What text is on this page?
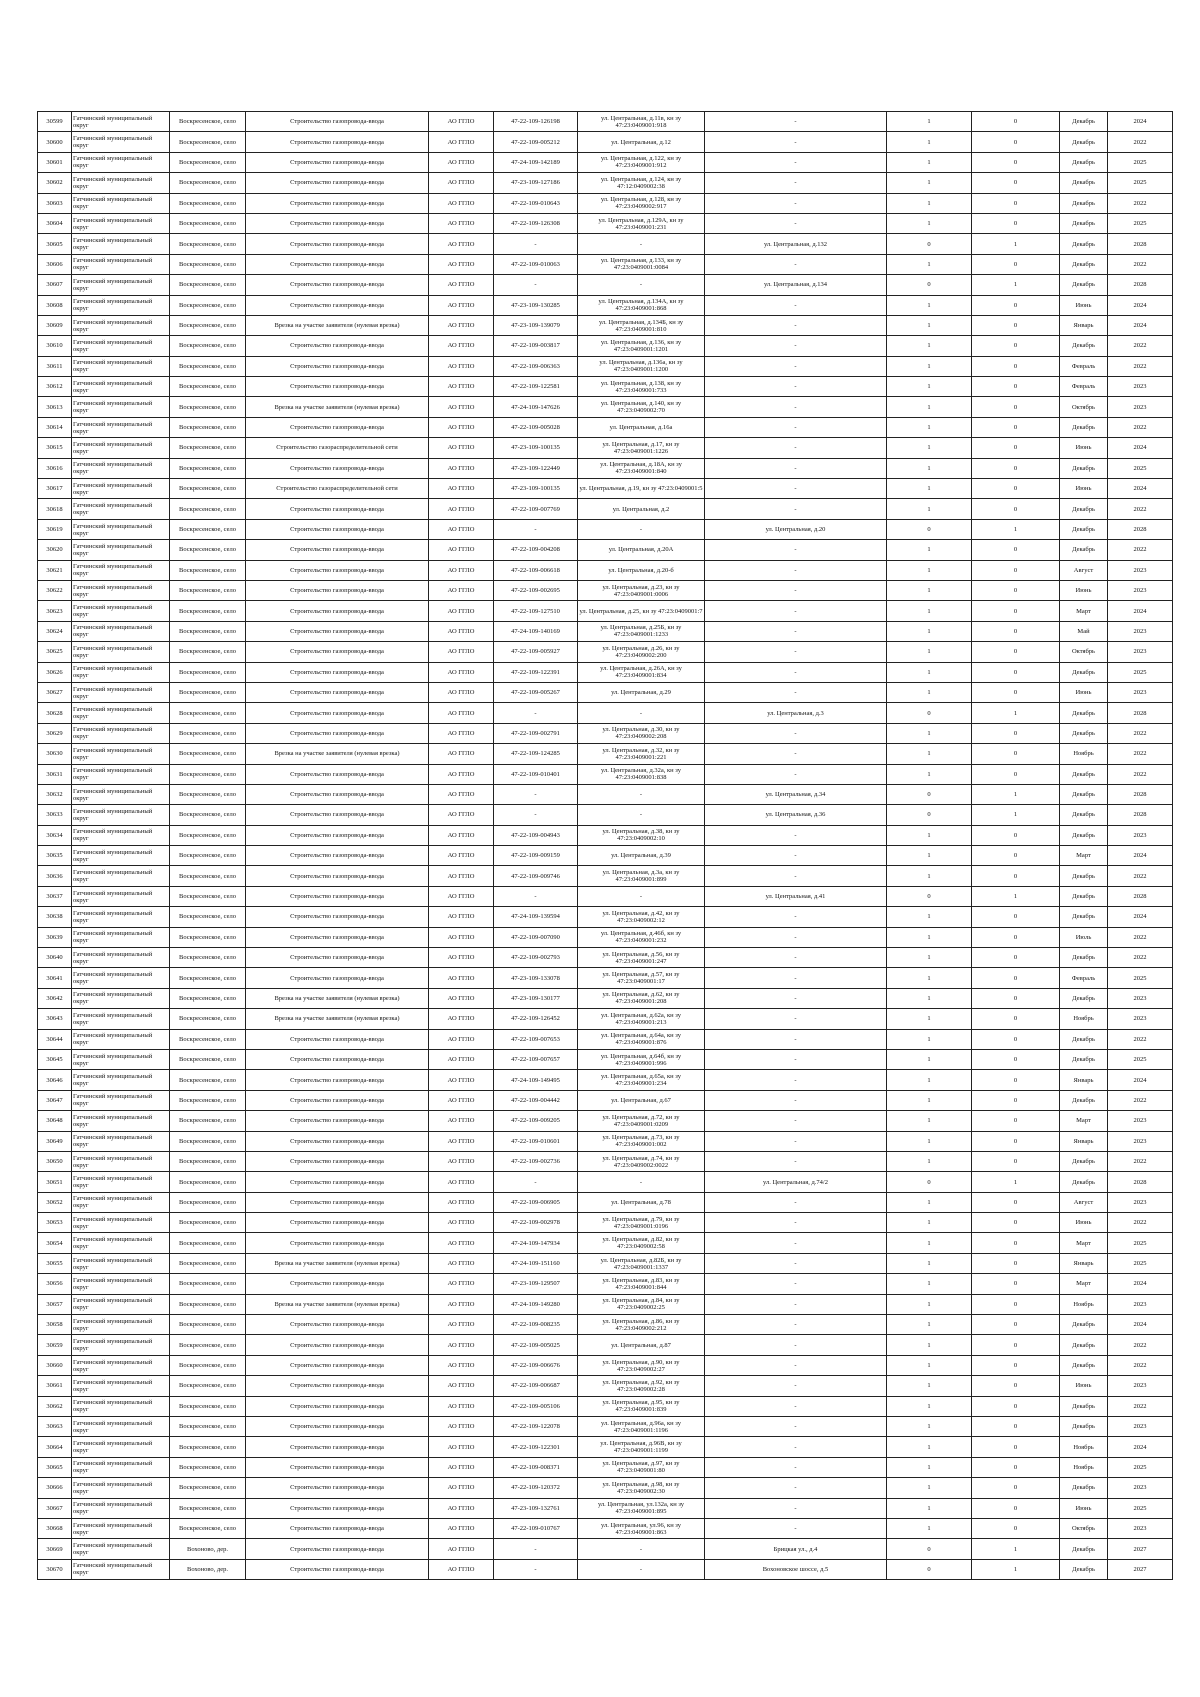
30599	Гатчинский муниципальный округ	Воскресенское, село	Строительство газопровода-ввода	АО ГГЛО	47-22-109-126198	ул. Центральная, д.11в, кн зу 47:23:0409001:918	-	1	0	Декабрь	2024
30600	Гатчинский муниципальный округ	Воскресенское, село	Строительство газопровода-ввода	АО ГГЛО	47-22-109-005212	ул. Центральная, д.12	-	1	0	Декабрь	2022
30601	Гатчинский муниципальный округ	Воскресенское, село	Строительство газопровода-ввода	АО ГГЛО	47-24-109-142189	ул. Центральная, д.122, кн зу 47:23:0409001:912	-	1	0	Декабрь	2025
30602	Гатчинский муниципальный округ	Воскресенское, село	Строительство газопровода-ввода	АО ГГЛО	47-23-109-127186	ул. Центральная, д.124, кн зу 47:12:0409002:38	-	1	0	Декабрь	2025
30603	Гатчинский муниципальный округ	Воскресенское, село	Строительство газопровода-ввода	АО ГГЛО	47-22-109-010643	ул. Центральная, д.128, кн зу 47:23:0409002:917	-	1	0	Декабрь	2022
30604	Гатчинский муниципальный округ	Воскресенское, село	Строительство газопровода-ввода	АО ГГЛО	47-22-109-126308	ул. Центральная, д.129А, кн зу 47:23:0409001:231	-	1	0	Декабрь	2025
30605	Гатчинский муниципальный округ	Воскресенское, село	Строительство газопровода-ввода	АО ГГЛО	-	-	ул. Центральная, д.132	0	1	Декабрь	2028
30606	Гатчинский муниципальный округ	Воскресенское, село	Строительство газопровода-ввода	АО ГГЛО	47-22-109-010063	ул. Центральная, д.133, кн зу 47:23:0409001:0084	-	1	0	Декабрь	2022
30607	Гатчинский муниципальный округ	Воскресенское, село	Строительство газопровода-ввода	АО ГГЛО	-	-	ул. Центральная, д.134	0	1	Декабрь	2028
30608	Гатчинский муниципальный округ	Воскресенское, село	Строительство газопровода-ввода	АО ГГЛО	47-23-109-130285	ул. Центральная, д.134А, кн зу 47:23:0409001:868	-	1	0	Июнь	2024
30609	Гатчинский муниципальный округ	Воскресенское, село	Врезка на участке заявителя (нулевая врезка)	АО ГГЛО	47-23-109-139079	ул. Центральная, д.134Б, кн зу 47:23:0409001:810	-	1	0	Январь	2024
30610	Гатчинский муниципальный округ	Воскресенское, село	Строительство газопровода-ввода	АО ГГЛО	47-22-109-003817	ул. Центральная, д.136, кн зу 47:23:0409001:1201	-	1	0	Декабрь	2022
30611	Гатчинский муниципальный округ	Воскресенское, село	Строительство газопровода-ввода	АО ГГЛО	47-22-109-006363	ул. Центральная, д.136а, кн зу 47:23:0409001:1200	-	1	0	Февраль	2022
30612	Гатчинский муниципальный округ	Воскресенское, село	Строительство газопровода-ввода	АО ГГЛО	47-22-109-122581	ул. Центральная, д.138, кн зу 47:23:0409001:733	-	1	0	Февраль	2023
30613	Гатчинский муниципальный округ	Воскресенское, село	Врезка на участке заявителя (нулевая врезка)	АО ГГЛО	47-24-109-147626	ул. Центральная, д.140, кн зу 47:23:0409002:70	-	1	0	Октябрь	2023
30614	Гатчинский муниципальный округ	Воскресенское, село	Строительство газопровода-ввода	АО ГГЛО	47-22-109-005028	ул. Центральная, д.16а	-	1	0	Декабрь	2022
30615	Гатчинский муниципальный округ	Воскресенское, село	Строительство газораспределительной сети	АО ГГЛО	47-23-109-100135	ул. Центральная, д.17, кн зу 47:23:0409001:1226	-	1	0	Июнь	2024
30616	Гатчинский муниципальный округ	Воскресенское, село	Строительство газопровода-ввода	АО ГГЛО	47-23-109-122449	ул. Центральная, д.18А, кн зу 47:23:0409001:840	-	1	0	Декабрь	2025
30617	Гатчинский муниципальный округ	Воскресенское, село	Строительство газораспределительной сети	АО ГГЛО	47-23-109-100135	ул. Центральная, д.19, кн зу 47:23:0409001:5	-	1	0	Июнь	2024
30618	Гатчинский муниципальный округ	Воскресенское, село	Строительство газопровода-ввода	АО ГГЛО	47-22-109-007769	ул. Центральная, д.2	-	1	0	Декабрь	2022
30619	Гатчинский муниципальный округ	Воскресенское, село	Строительство газопровода-ввода	АО ГГЛО	-	-	ул. Центральная, д.20	0	1	Декабрь	2028
30620	Гатчинский муниципальный округ	Воскресенское, село	Строительство газопровода-ввода	АО ГГЛО	47-22-109-004208	ул. Центральная, д.20А	-	1	0	Декабрь	2022
30621	Гатчинский муниципальный округ	Воскресенское, село	Строительство газопровода-ввода	АО ГГЛО	47-22-109-006618	ул. Центральная, д.20-б	-	1	0	Август	2023
30622	Гатчинский муниципальный округ	Воскресенское, село	Строительство газопровода-ввода	АО ГГЛО	47-22-109-002695	ул. Центральная, д.23, кн зу 47:23:0409001:0006	-	1	0	Июнь	2023
30623	Гатчинский муниципальный округ	Воскресенское, село	Строительство газопровода-ввода	АО ГГЛО	47-22-109-127510	ул. Центральная, д.25, кн зу 47:23:0409001:7	-	1	0	Март	2024
30624	Гатчинский муниципальный округ	Воскресенское, село	Строительство газопровода-ввода	АО ГГЛО	47-24-109-140169	ул. Центральная, д.25Б, кн зу 47:23:0409001:1233	-	1	0	Май	2023
30625	Гатчинский муниципальный округ	Воскресенское, село	Строительство газопровода-ввода	АО ГГЛО	47-22-109-005927	ул. Центральная, д.26, кн зу 47:23:0409002:200	-	1	0	Октябрь	2023
30626	Гатчинский муниципальный округ	Воскресенское, село	Строительство газопровода-ввода	АО ГГЛО	47-22-109-122391	ул. Центральная, д.26А, кн зу 47:23:0409001:834	-	1	0	Декабрь	2025
30627	Гатчинский муниципальный округ	Воскресенское, село	Строительство газопровода-ввода	АО ГГЛО	47-22-109-005267	ул. Центральная, д.29	-	1	0	Июнь	2023
30628	Гатчинский муниципальный округ	Воскресенское, село	Строительство газопровода-ввода	АО ГГЛО	-	-	ул. Центральная, д.3	0	1	Декабрь	2028
30629	Гатчинский муниципальный округ	Воскресенское, село	Строительство газопровода-ввода	АО ГГЛО	47-22-109-002791	ул. Центральная, д.30, кн зу 47:23:0409002:208	-	1	0	Декабрь	2022
30630	Гатчинский муниципальный округ	Воскресенское, село	Врезка на участке заявителя (нулевая врезка)	АО ГГЛО	47-22-109-124285	ул. Центральная, д.32, кн зу 47:23:0409001:221	-	1	0	Ноябрь	2022
30631	Гатчинский муниципальный округ	Воскресенское, село	Строительство газопровода-ввода	АО ГГЛО	47-22-109-010401	ул. Центральная, д.32а, кн зу 47:23:0409001:838	-	1	0	Декабрь	2022
30632	Гатчинский муниципальный округ	Воскресенское, село	Строительство газопровода-ввода	АО ГГЛО	-	-	ул. Центральная, д.34	0	1	Декабрь	2028
30633	Гатчинский муниципальный округ	Воскресенское, село	Строительство газопровода-ввода	АО ГГЛО	-	-	ул. Центральная, д.36	0	1	Декабрь	2028
30634	Гатчинский муниципальный округ	Воскресенское, село	Строительство газопровода-ввода	АО ГГЛО	47-22-109-004943	ул. Центральная, д.38, кн зу 47:23:0409002:10	-	1	0	Декабрь	2023
30635	Гатчинский муниципальный округ	Воскресенское, село	Строительство газопровода-ввода	АО ГГЛО	47-22-109-009159	ул. Центральная, д.39	-	1	0	Март	2024
30636	Гатчинский муниципальный округ	Воскресенское, село	Строительство газопровода-ввода	АО ГГЛО	47-22-109-009746	ул. Центральная, д.3а, кн зу 47:23:0409001:899	-	1	0	Декабрь	2022
30637	Гатчинский муниципальный округ	Воскресенское, село	Строительство газопровода-ввода	АО ГГЛО	-	-	ул. Центральная, д.41	0	1	Декабрь	2028
30638	Гатчинский муниципальный округ	Воскресенское, село	Строительство газопровода-ввода	АО ГГЛО	47-24-109-139594	ул. Центральная, д.42, кн зу 47:23:0409002:12	-	1	0	Декабрь	2024
30639	Гатчинский муниципальный округ	Воскресенское, село	Строительство газопровода-ввода	АО ГГЛО	47-22-109-007090	ул. Центральная, д.46б, кн зу 47:23:0409001:232	-	1	0	Июль	2022
30640	Гатчинский муниципальный округ	Воскресенское, село	Строительство газопровода-ввода	АО ГГЛО	47-22-109-002793	ул. Центральная, д.56, кн зу 47:23:0409001:247	-	1	0	Декабрь	2022
30641	Гатчинский муниципальный округ	Воскресенское, село	Строительство газопровода-ввода	АО ГГЛО	47-23-109-133078	ул. Центральная, д.57, кн зу 47:23:0409001:17	-	1	0	Февраль	2025
30642	Гатчинский муниципальный округ	Воскресенское, село	Врезка на участке заявителя (нулевая врезка)	АО ГГЛО	47-23-109-130177	ул. Центральная, д.62, кн зу 47:23:0409001:208	-	1	0	Декабрь	2023
30643	Гатчинский муниципальный округ	Воскресенское, село	Врезка на участке заявителя (нулевая врезка)	АО ГГЛО	47-22-109-126452	ул. Центральная, д.62а, кн зу 47:23:0409001:213	-	1	0	Ноябрь	2023
30644	Гатчинский муниципальный округ	Воскресенское, село	Строительство газопровода-ввода	АО ГГЛО	47-22-109-007653	ул. Центральная, д.64а, кн зу 47:23:0409001:876	-	1	0	Декабрь	2022
30645	Гатчинский муниципальный округ	Воскресенское, село	Строительство газопровода-ввода	АО ГГЛО	47-22-109-007657	ул. Центральная, д.64б, кн зу 47:23:0409001:996	-	1	0	Декабрь	2025
30646	Гатчинский муниципальный округ	Воскресенское, село	Строительство газопровода-ввода	АО ГГЛО	47-24-109-149495	ул. Центральная, д.65а, кн зу 47:23:0409001:234	-	1	0	Январь	2024
30647	Гатчинский муниципальный округ	Воскресенское, село	Строительство газопровода-ввода	АО ГГЛО	47-22-109-004442	ул. Центральная, д.67	-	1	0	Декабрь	2022
30648	Гатчинский муниципальный округ	Воскресенское, село	Строительство газопровода-ввода	АО ГГЛО	47-22-109-009205	ул. Центральная, д.72, кн зу 47:23:0409001:0209	-	1	0	Март	2023
30649	Гатчинский муниципальный округ	Воскресенское, село	Строительство газопровода-ввода	АО ГГЛО	47-22-109-010601	ул. Центральная, д.73, кн зу 47:23:0409001:002	-	1	0	Январь	2023
30650	Гатчинский муниципальный округ	Воскресенское, село	Строительство газопровода-ввода	АО ГГЛО	47-22-109-002736	ул. Центральная, д.74, кн зу 47:23:0409002:0022	-	1	0	Декабрь	2022
30651	Гатчинский муниципальный округ	Воскресенское, село	Строительство газопровода-ввода	АО ГГЛО	-	-	ул. Центральная, д.74/2	0	1	Декабрь	2028
30652	Гатчинский муниципальный округ	Воскресенское, село	Строительство газопровода-ввода	АО ГГЛО	47-22-109-006905	ул. Центральная, д.78	-	1	0	Август	2023
30653	Гатчинский муниципальный округ	Воскресенское, село	Строительство газопровода-ввода	АО ГГЛО	47-22-109-002978	ул. Центральная, д.79, кн зу 47:23:0409001:0196	-	1	0	Июнь	2022
30654	Гатчинский муниципальный округ	Воскресенское, село	Строительство газопровода-ввода	АО ГГЛО	47-24-109-147934	ул. Центральная, д.82, кн зу 47:23:0409002:58	-	1	0	Март	2025
30655	Гатчинский муниципальный округ	Воскресенское, село	Врезка на участке заявителя (нулевая врезка)	АО ГГЛО	47-24-109-151160	ул. Центральная, д.82Б, кн зу 47:23:0409001:1337	-	1	0	Январь	2025
30656	Гатчинский муниципальный округ	Воскресенское, село	Строительство газопровода-ввода	АО ГГЛО	47-23-109-129507	ул. Центральная, д.83, кн зу 47:23:0409001:844	-	1	0	Март	2024
30657	Гатчинский муниципальный округ	Воскресенское, село	Врезка на участке заявителя (нулевая врезка)	АО ГГЛО	47-24-109-149280	ул. Центральная, д.84, кн зу 47:23:0409002:25	-	1	0	Ноябрь	2023
30658	Гатчинский муниципальный округ	Воскресенское, село	Строительство газопровода-ввода	АО ГГЛО	47-22-109-008235	ул. Центральная, д.86, кн зу 47:23:0409002:212	-	1	0	Декабрь	2024
30659	Гатчинский муниципальный округ	Воскресенское, село	Строительство газопровода-ввода	АО ГГЛО	47-22-109-005025	ул. Центральная, д.87	-	1	0	Декабрь	2022
30660	Гатчинский муниципальный округ	Воскресенское, село	Строительство газопровода-ввода	АО ГГЛО	47-22-109-006676	ул. Центральная, д.90, кн зу 47:23:0409002:27	-	1	0	Декабрь	2022
30661	Гатчинский муниципальный округ	Воскресенское, село	Строительство газопровода-ввода	АО ГГЛО	47-22-109-006687	ул. Центральная, д.92, кн зу 47:23:0409002:28	-	1	0	Июнь	2023
30662	Гатчинский муниципальный округ	Воскресенское, село	Строительство газопровода-ввода	АО ГГЛО	47-22-109-005106	ул. Центральная, д.95, кн зу 47:23:0409001:839	-	1	0	Декабрь	2022
30663	Гатчинский муниципальный округ	Воскресенское, село	Строительство газопровода-ввода	АО ГГЛО	47-22-109-122078	ул. Центральная, д.96а, кн зу 47:23:0409001:1196	-	1	0	Декабрь	2023
30664	Гатчинский муниципальный округ	Воскресенское, село	Строительство газопровода-ввода	АО ГГЛО	47-22-109-122301	ул. Центральная, д.96В, кн зу 47:23:0409001:1199	-	1	0	Ноябрь	2024
30665	Гатчинский муниципальный округ	Воскресенское, село	Строительство газопровода-ввода	АО ГГЛО	47-22-109-008371	ул. Центральная, д.97, кн зу 47:23:0409001:80	-	1	0	Ноябрь	2025
30666	Гатчинский муниципальный округ	Воскресенское, село	Строительство газопровода-ввода	АО ГГЛО	47-22-109-120372	ул. Центральная, д.98, кн зу 47:23:0409002:30	-	1	0	Декабрь	2023
30667	Гатчинский муниципальный округ	Воскресенское, село	Строительство газопровода-ввода	АО ГГЛО	47-23-109-132761	ул. Центральная, ул.132а, кн зу 47:23:0409001:895	-	1	0	Июнь	2025
30668	Гатчинский муниципальный округ	Воскресенское, село	Строительство газопровода-ввода	АО ГГЛО	47-22-109-010767	ул. Центральная, ул.96, кн зу 47:23:0409001:863	-	1	0	Октябрь	2023
30669	Гатчинский муниципальный округ	Вохоново, дер.	Строительство газопровода-ввода	АО ГГЛО	-	-	Брицкая ул., д.4	0	1	Декабрь	2027
30670	Гатчинский муниципальный округ	Вохоново, дер.	Строительство газопровода-ввода	АО ГГЛО	-	-	Вохоновское шоссе, д.5	0	1	Декабрь	2027
